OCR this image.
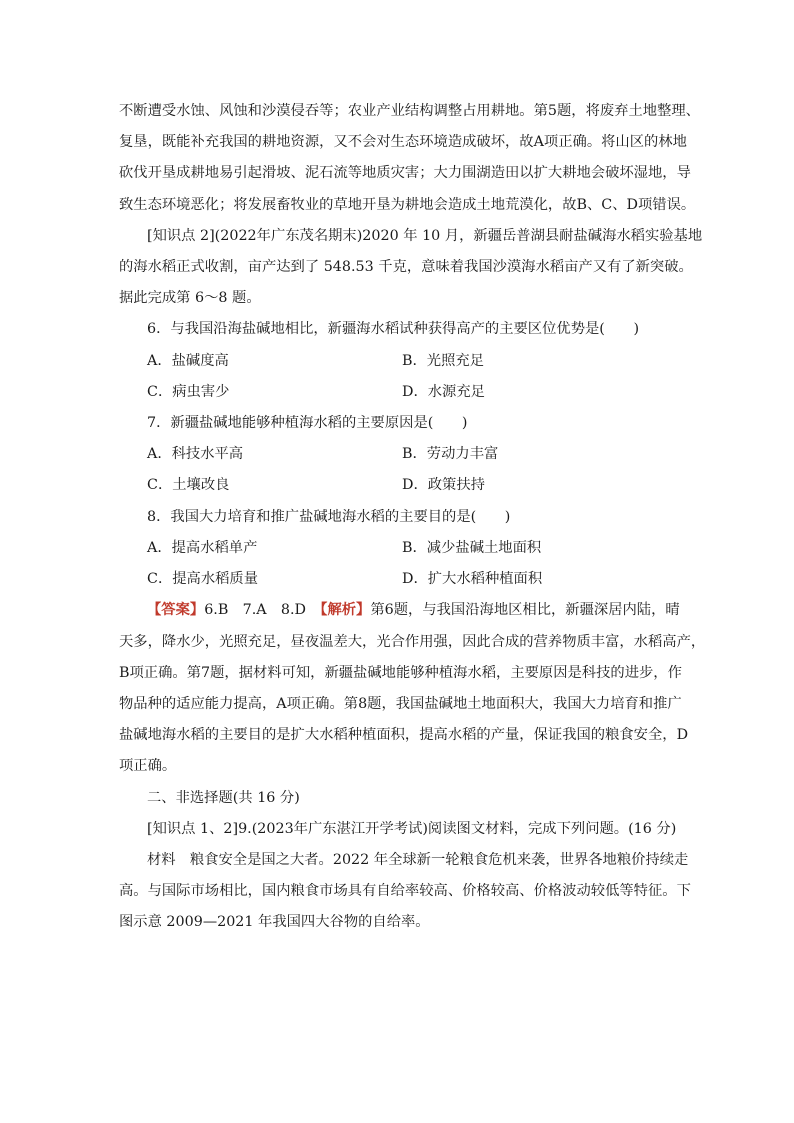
不断遭受水蚀、风蚀和沙漠侵吞等；农业产业结构调整占用耕地。第5题，将废弃土地整理、
复垦，既能补充我国的耕地资源，又不会对生态环境造成破坏，故A项正确。将山区的林地
砍伐开垦成耕地易引起滑坡、泥石流等地质灾害；大力围湖造田以扩大耕地会破坏湿地，导
致生态环境恶化；将发展畜牧业的草地开垦为耕地会造成土地荒漠化，故B、C、D项错误。
[知识点 2](2022年广东茂名期末)2020 年 10 月，新疆岳普湖县耐盐碱海水稻实验基地
的海水稻正式收割，亩产达到了 548.53 千克，意味着我国沙漠海水稻亩产又有了新突破。
据此完成第 6～8 题。
6．与我国沿海盐碱地相比，新疆海水稻试种获得高产的主要区位优势是(　　)
A．盐碱度高	B．光照充足
C．病虫害少	D．水源充足
7．新疆盐碱地能够种植海水稻的主要原因是(　　)
A．科技水平高	B．劳动力丰富
C．土壤改良	D．政策扶持
8．我国大力培育和推广盐碱地海水稻的主要目的是(　　)
A．提高水稻单产	B．减少盐碱土地面积
C．提高水稻质量	D．扩大水稻种植面积
【答案】6.B　7.A　8.D　【解析】第6题，与我国沿海地区相比，新疆深居内陆，晴
天多，降水少，光照充足，昼夜温差大，光合作用强，因此合成的营养物质丰富，水稻高产，
B项正确。第7题，据材料可知，新疆盐碱地能够种植海水稻，主要原因是科技的进步，作
物品种的适应能力提高，A项正确。第8题，我国盐碱地土地面积大，我国大力培育和推广
盐碱地海水稻的主要目的是扩大水稻种植面积，提高水稻的产量，保证我国的粮食安全，D
项正确。
二、非选择题(共 16 分)
[知识点 1、2]9.(2023年广东湛江开学考试)阅读图文材料，完成下列问题。(16 分)
材料　粮食安全是国之大者。2022 年全球新一轮粮食危机来袭，世界各地粮价持续走
高。与国际市场相比，国内粮食市场具有自给率较高、价格较高、价格波动较低等特征。下
图示意 2009—2021 年我国四大谷物的自给率。
